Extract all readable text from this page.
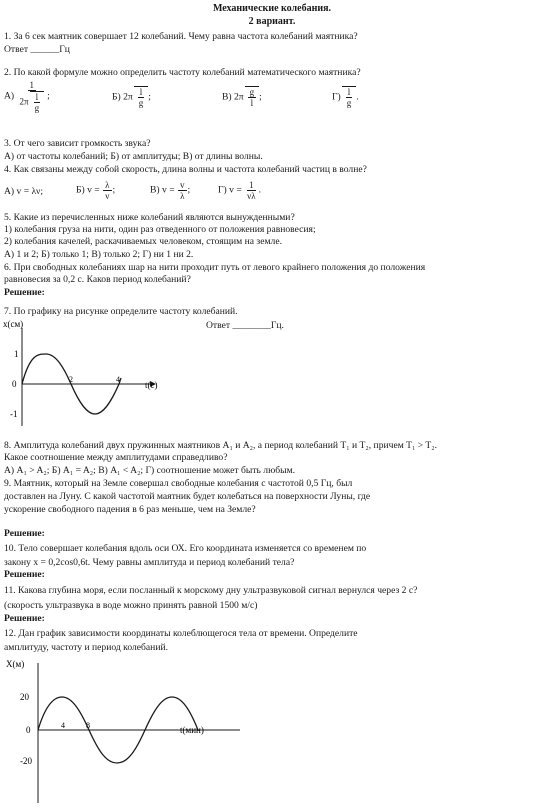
Механические колебания.
2 вариант.
1. За 6 сек маятник совершает 12 колебаний. Чему равна частота колебаний маятника?
Ответ ______Гц
2. По какой формуле можно определить частоту колебаний математического маятника?
$А) \frac{1}{2\pi \frac{l}{g}}$ ;	Б) $2\pi \frac{l}{g}$ ;	В) $2\pi \frac{g}{l}$ ;	$Г) \frac{l}{g}$ .
3. От чего зависит громкость звука?
А) от частоты колебаний; Б) от амплитуды; В) от длины волны.
4. Как связаны между собой скорость, длина волны и частота колебаний частиц в волне?
А) v = λν;	Б) $v = \frac{\lambda}{\nu}$ ;	В) $v = \frac{v}{\lambda}$ ;	Г) $v = \frac{1}{\nu\lambda}$ .
5. Какие из перечисленных ниже колебаний являются вынужденными?
1) колебания груза на нити, один раз отведенного от положения равновесия;
2) колебания качелей, раскачиваемых человеком, стоящим на земле.
А) 1 и 2; Б) только 1; В) только 2; Г) ни 1 ни 2.
6. При свободных колебаниях шар на нити проходит путь от левого крайнего положения до положения
равновесия за 0,2 с. Каков период колебаний?
Решение:
7. По графику на рисунке определите частоту колебаний.
Ответ ________Гц.
x(см)
t(с)
1
0
-1
2	4
8. Амплитуда колебаний двух пружинных маятников A₁ и A₂, а период колебаний T₁ и T₂, причем T₁ > T₂.
Какое соотношение между амплитудами справедливо?
А) A₁ > A₂; Б) A₁ = A₂; В) A₁ < A₂; Г) соотношение может быть любым.
9. Маятник, который на Земле совершал свободные колебания с частотой 0,5 Гц, был
доставлен на Луну. С какой частотой маятник будет колебаться на поверхности Луны, где
ускорение свободного падения в 6 раз меньше, чем на Земле?
Решение:
10. Тело совершает колебания вдоль оси ОХ. Его координата изменяется со временем по
закону x = 0,2cos0,6t. Чему равны амплитуда и период колебаний тела?
Решение:
11. Какова глубина моря, если посланный к морскому дну ультразвуковой сигнал вернулся через 2 с?
(скорость ультразвука в воде можно принять равной 1500 м/с)
Решение:
12. Дан график зависимости координаты колеблющегося тела от времени. Определите
амплитуду, частоту и период колебаний.
X(м)
t(мин)
20
0
-20
4	8
